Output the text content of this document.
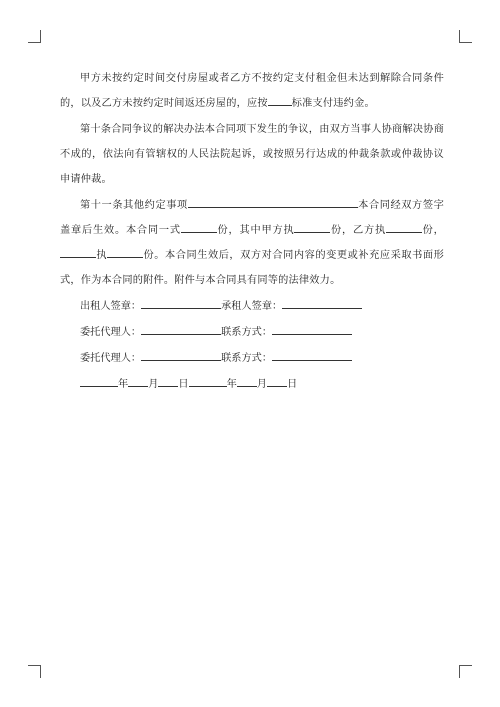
甲方未按约定时间交付房屋或者乙方不按约定支付租金但未达到解除合同条件的，以及乙方未按约定时间返还房屋的，应按 标准支付违约金。

第十条合同争议的解决办法本合同项下发生的争议，由双方当事人协商解决协商不成的，依法向有管辖权的人民法院起诉，或按照另行达成的仲裁条款或仲裁协议申请仲裁。

第十一条其他约定事项	本合同经双方签字盖章后生效。本合同一式	份，其中甲方执	份，乙方执	份，执	份。本合同生效后，双方对合同内容的变更或补充应采取书面形式，作为本合同的附件。附件与本合同具有同等的法律效力。

出租人签章：	承租人签章：
委托代理人：	联系方式：
委托代理人：	联系方式：
年 月 日	年 月 日
